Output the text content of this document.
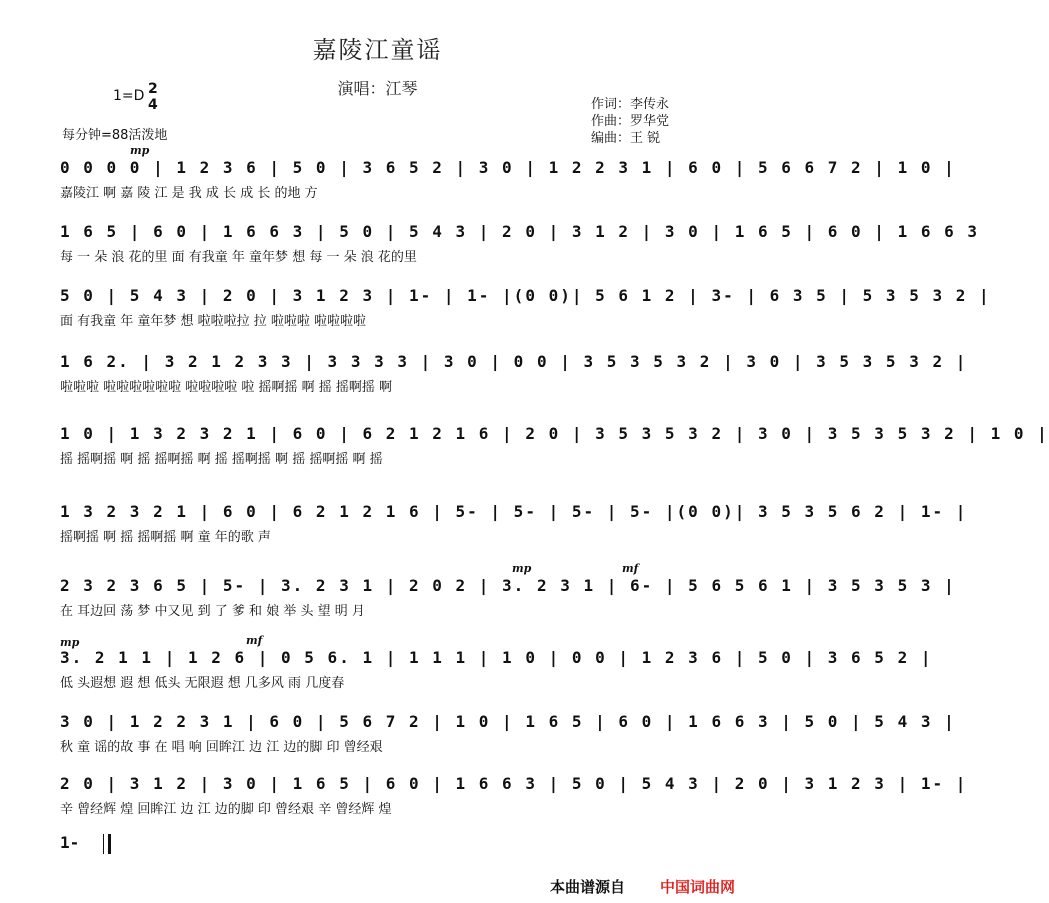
嘉陵江童谣
演唱：江琴
1=D 2
4
每分钟=88活泼地
作词：李传永
作曲：罗华党
编曲：王 锐
mp
0 0 0 0 | 1 2 3 6 | 5 0 | 3 6 5 2 | 3 0 | 1 2 2 3 1 | 6 0 | 5 6 6 7 2 | 1 0 |
嘉陵江 啊 嘉 陵 江 是 我 成 长 成 长 的地 方
1 6 5 | 6 0 | 1 6 6 3 | 5 0 | 5 4 3 | 2 0 | 3 1 2 | 3 0 | 1 6 5 | 6 0 | 1 6 6 3
每 一 朵 浪 花的里 面 有我童 年 童年梦 想 每 一 朵 浪 花的里
5 0 | 5 4 3 | 2 0 | 3 1 2 3 | 1- | 1- |(0 0)| 5 6 1 2 | 3- | 6 3 5 | 5 3 5 3 2 |
面 有我童 年 童年梦 想 啦啦啦拉 拉 啦啦啦 啦啦啦啦
1 6 2. | 3 2 1 2 3 3 | 3 3 3 3 | 3 0 | 0 0 | 3 5 3 5 3 2 | 3 0 | 3 5 3 5 3 2 |
啦啦啦 啦啦啦啦啦啦 啦啦啦啦 啦 摇啊摇 啊 摇 摇啊摇 啊
1 0 | 1 3 2 3 2 1 | 6 0 | 6 2 1 2 1 6 | 2 0 | 3 5 3 5 3 2 | 3 0 | 3 5 3 5 3 2 | 1 0 |
摇 摇啊摇 啊 摇 摇啊摇 啊 摇 摇啊摇 啊 摇 摇啊摇 啊 摇
1 3 2 3 2 1 | 6 0 | 6 2 1 2 1 6 | 5- | 5- | 5- | 5- |(0 0)| 3 5 3 5 6 2 | 1- |
摇啊摇 啊 摇 摇啊摇 啊 童 年的歌 声
mp	mf
2 3 2 3 6 5 | 5- | 3. 2 3 1 | 2 0 2 | 3. 2 3 1 | 6- | 5 6 5 6 1 | 3 5 3 5 3 |
在 耳边回 荡 梦 中又见 到 了 爹 和 娘 举 头 望 明 月
mp	mf
3. 2 1 1 | 1 2 6 | 0 5 6. 1 | 1 1 1 | 1 0 | 0 0 | 1 2 3 6 | 5 0 | 3 6 5 2 |
低 头遐想 遐 想 低头 无限遐 想 几多风 雨 几度春
3 0 | 1 2 2 3 1 | 6 0 | 5 6 7 2 | 1 0 | 1 6 5 | 6 0 | 1 6 6 3 | 5 0 | 5 4 3 |
秋 童 谣的故 事 在 唱 响 回眸江 边 江 边的脚 印 曾经艰
2 0 | 3 1 2 | 3 0 | 1 6 5 | 6 0 | 1 6 6 3 | 5 0 | 5 4 3 | 2 0 | 3 1 2 3 | 1- |
辛 曾经辉 煌 回眸江 边 江 边的脚 印 曾经艰 辛 曾经辉 煌
1-
本曲谱源自 中国词曲网
